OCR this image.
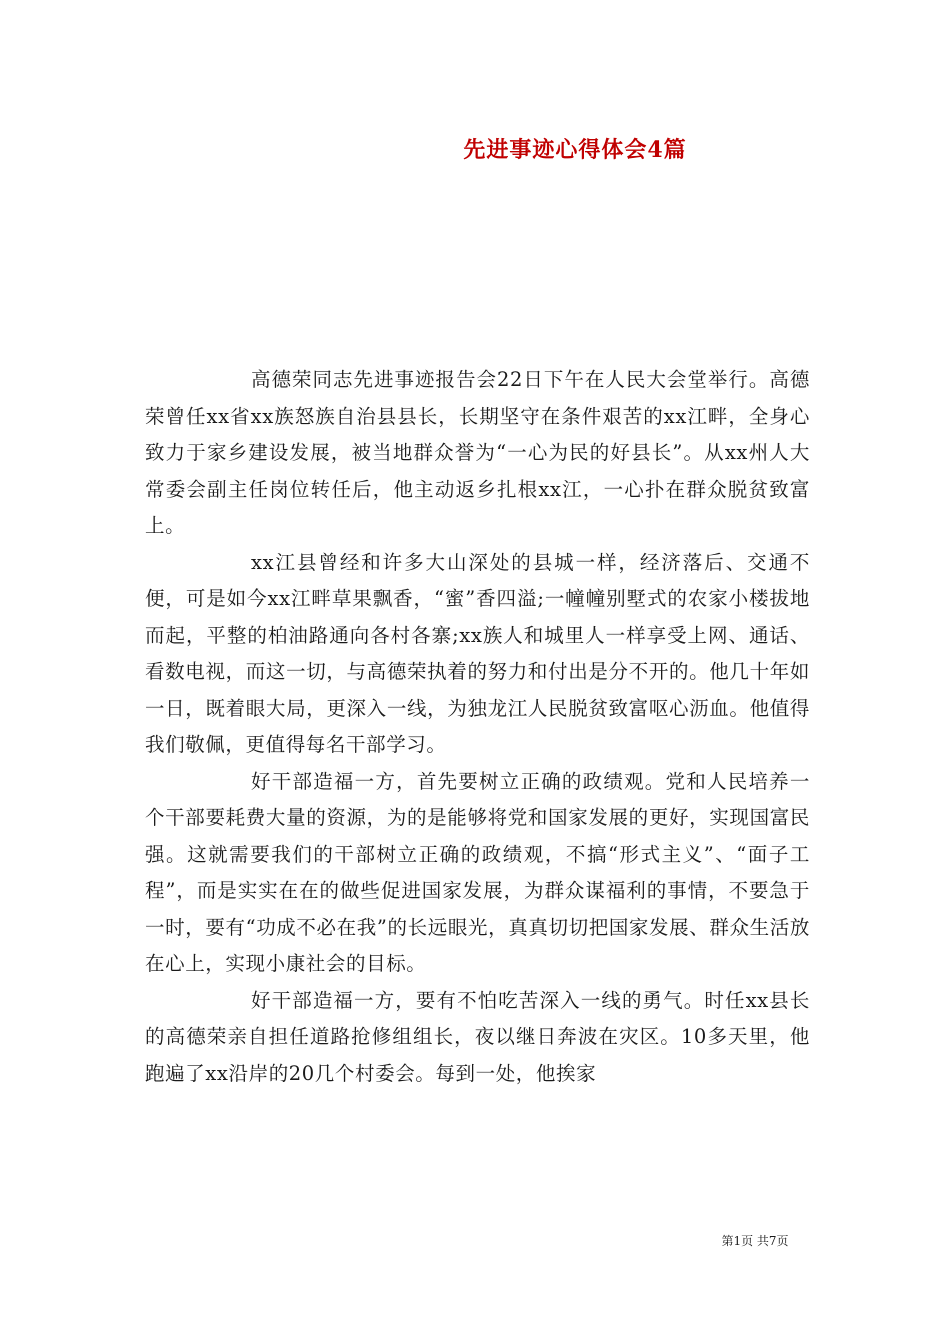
先进事迹心得体会4篇

高德荣同志先进事迹报告会22日下午在人民大会堂举行。高德荣曾任xx省xx族怒族自治县县长，长期坚守在条件艰苦的xx江畔，全身心致力于家乡建设发展，被当地群众誉为“一心为民的好县长”。从xx州人大常委会副主任岗位转任后，他主动返乡扎根xx江，一心扑在群众脱贫致富上。

xx江县曾经和许多大山深处的县城一样，经济落后、交通不便，可是如今xx江畔草果飘香，“蜜”香四溢;一幢幢别墅式的农家小楼拔地而起，平整的柏油路通向各村各寨;xx族人和城里人一样享受上网、通话、看数电视，而这一切，与高德荣执着的努力和付出是分不开的。他几十年如一日，既着眼大局，更深入一线，为独龙江人民脱贫致富呕心沥血。他值得我们敬佩，更值得每名干部学习。

好干部造福一方，首先要树立正确的政绩观。党和人民培养一个干部要耗费大量的资源，为的是能够将党和国家发展的更好，实现国富民强。这就需要我们的干部树立正确的政绩观，不搞“形式主义”、“面子工程”，而是实实在在的做些促进国家发展，为群众谋福利的事情，不要急于一时，要有“功成不必在我”的长远眼光，真真切切把国家发展、群众生活放在心上，实现小康社会的目标。

好干部造福一方，要有不怕吃苦深入一线的勇气。时任xx县长的高德荣亲自担任道路抢修组组长，夜以继日奔波在灾区。10多天里，他跑遍了xx沿岸的20几个村委会。每到一处，他挨家

第1页 共7页
